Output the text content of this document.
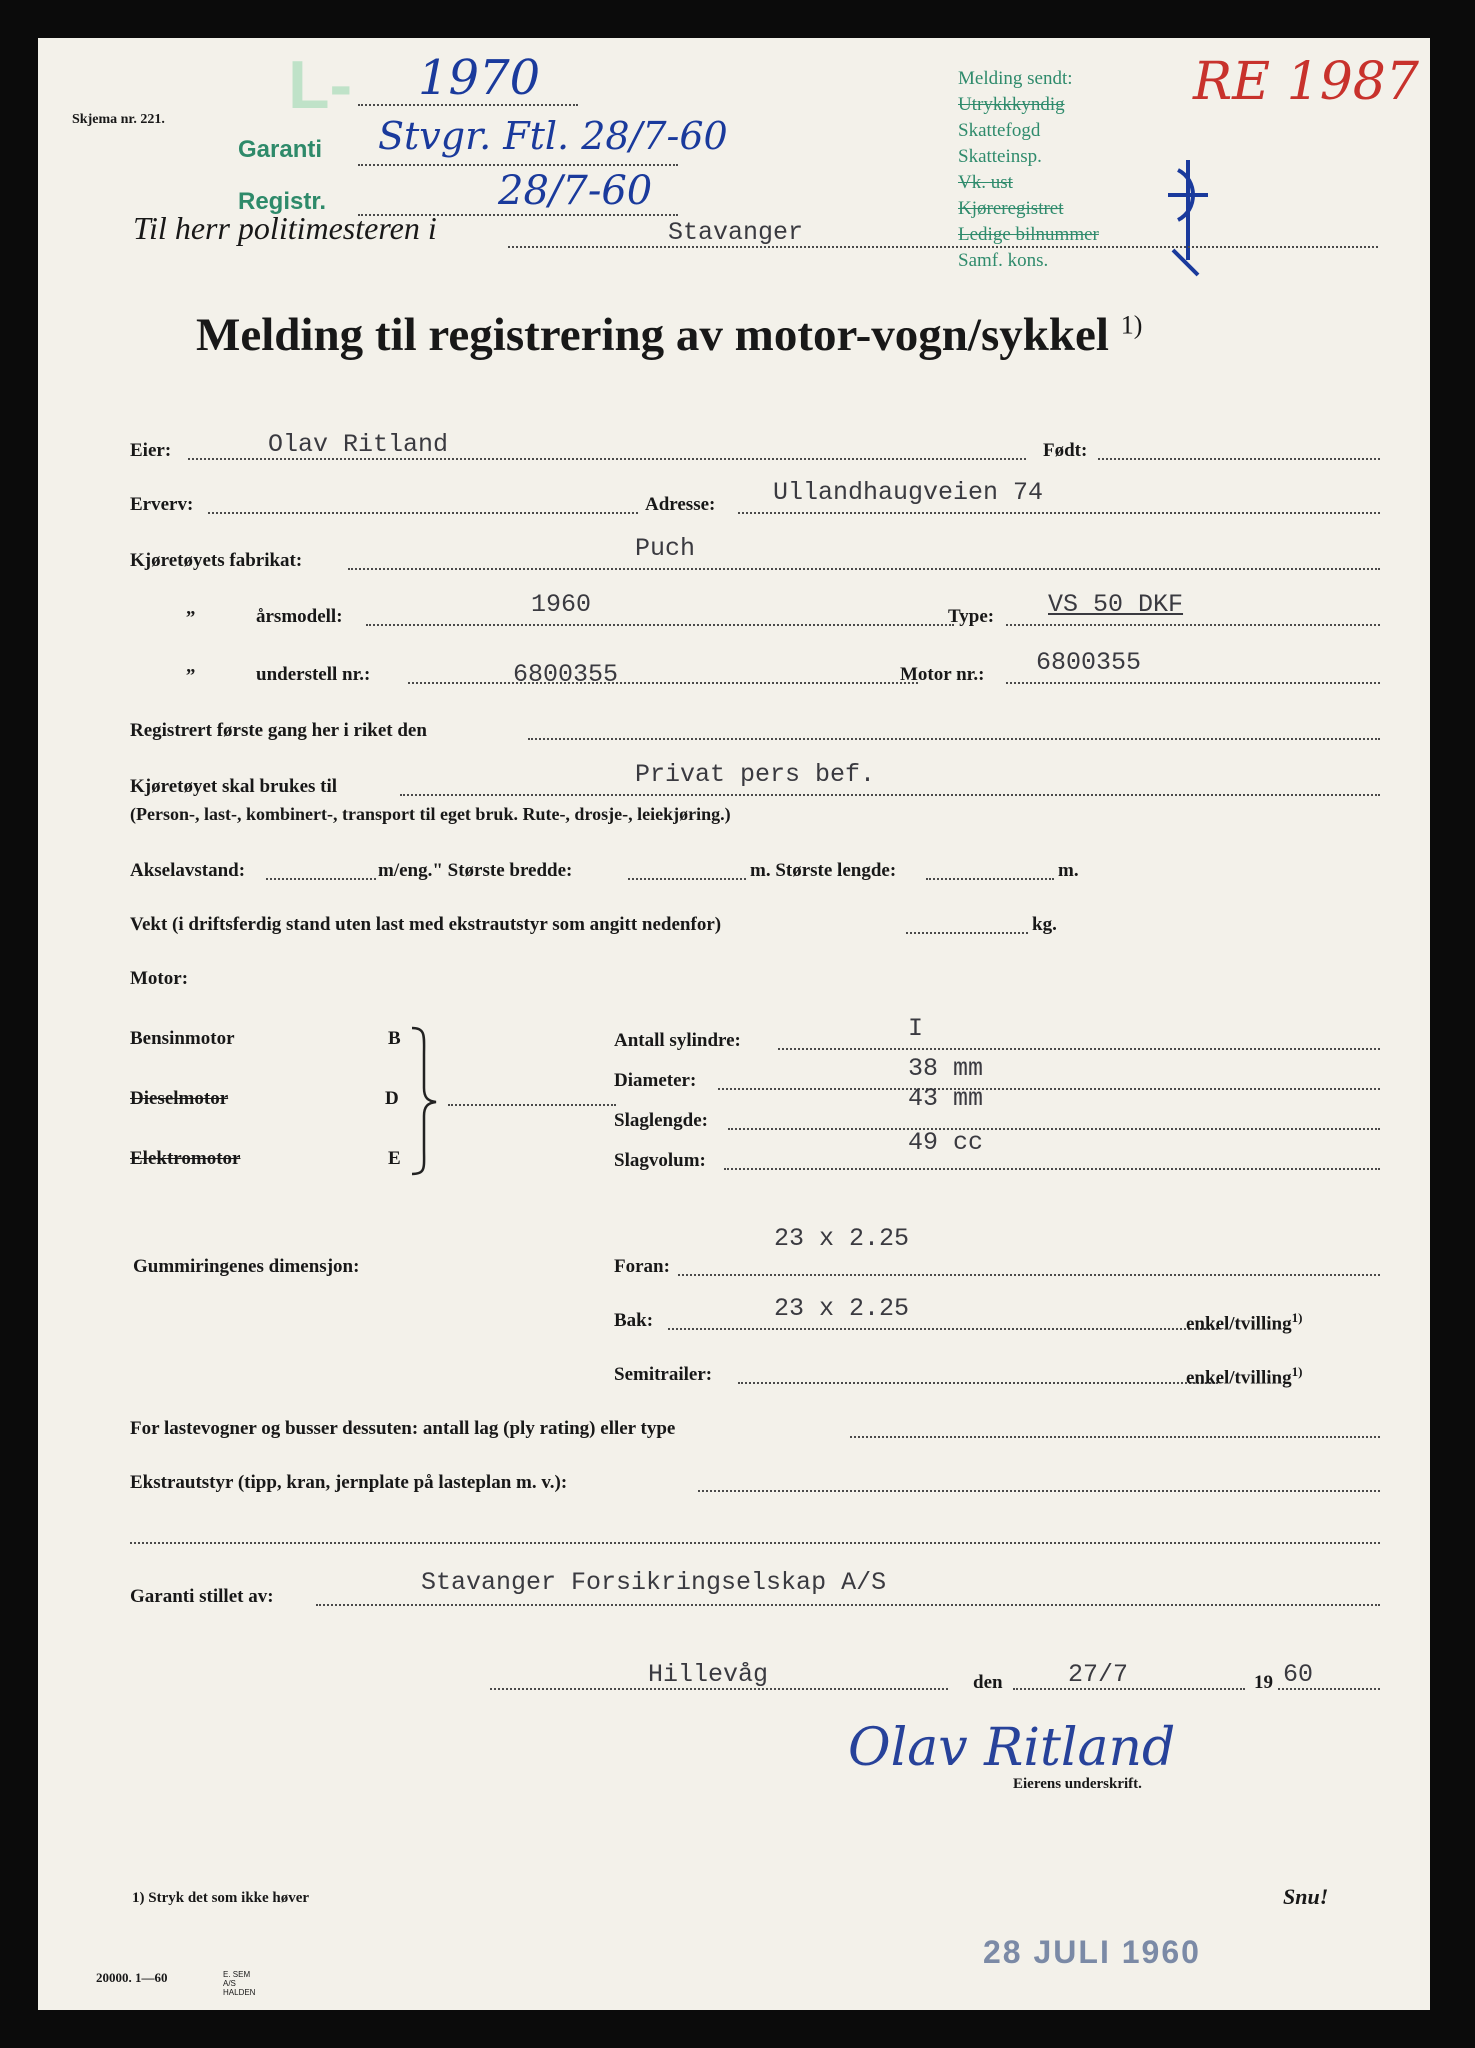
Skjema nr. 221. L- 1970
Garanti Stvgr. Ftl. 28/7-60
Registr.	28/7-60
RE 1987
Melding sendt:
Utrykkkyndig
Skattefogd
Skatteinsp.
Vk. ust
Kjøreregistret
Ledige bilnummer
Samf. kons.
Til herr politimesteren i	Stavanger
Melding til registrering av motor-vogn/sykkel $^{1)}$
Eier:	Olav Ritland	Født:
Erverv:	Adresse: Ullandhaugveien 74
Kjøretøyets fabrikat:	Puch
„	årsmodell:	1960	Type: VS 50 DKF
„	understell nr.:	6800355	Motor nr.: 6800355
Registrert første gang her i riket den
Kjøretøyet skal brukes til	Privat pers bef.
(Person-, last-, kombinert-, transport til eget bruk. Rute-, drosje-, leiekjøring.)
Akselavstand:	m/eng." Største bredde:	m. Største lengde:	m.
Vekt (i driftsferdig stand uten last med ekstrautstyr som angitt nedenfor)	kg.
Motor:
Bensinmotor	B
Dieselmotor	D
Elektromotor	E
Antall sylindre:	I
Diameter:	38 mm
Slaglengde:
43 mm
Slagvolum:
49 cc
Gummiringenes dimensjon:	Foran:
23 x 2.25
Bak:	23 x 2.25
enkel/tvilling$^{1)}$
Semitrailer:	enkel/tvilling$^{1)}$
For lastevogner og busser dessuten: antall lag (ply rating) eller type
Ekstrautstyr (tipp, kran, jernplate på lasteplan m. v.):
Garanti stillet av:	Stavanger Forsikringselskap A/S
Hillevåg	den	27/7	19 60
Olav Ritland
Eierens underskrift.
1) Stryk det som ikke høver	Snu!
28 JULI 1960
20000. 1—60	E. SEM A/S HALDEN
